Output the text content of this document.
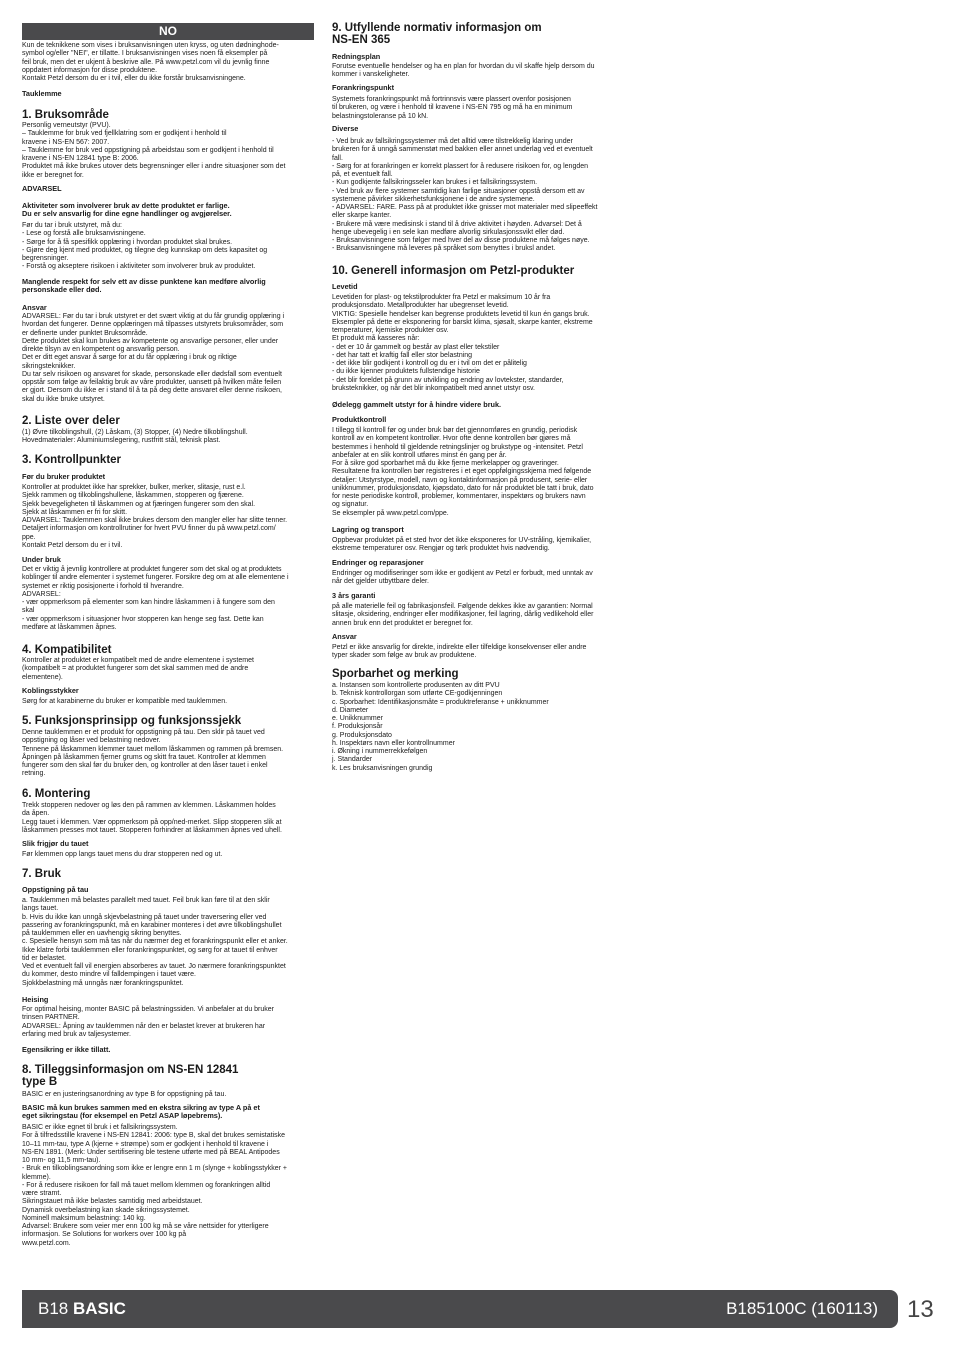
NO

Kun de teknikkene som vises i bruksanvisningen uten kryss, og uten dødninghode-
symbol og/eller "NEI", er tillatte. I bruksanvisningen vises noen få eksempler på
feil bruk, men det er ukjent å beskrive alle. På www.petzl.com vil du jevnlig finne
oppdatert informasjon for disse produktene.
Kontakt Petzl dersom du er i tvil, eller du ikke forstår bruksanvisningene.

Tauklemme

1. Bruksområde

Personlig verneutstyr (PVU).
– Tauklemme for bruk ved fjellklatring som er godkjent i henhold til
kravene i NS-EN 567: 2007.
– Tauklemme for bruk ved oppstigning på arbeidstau som er godkjent i henhold til
kravene i NS-EN 12841 type B: 2006.
Produktet må ikke brukes utover dets begrensninger eller i andre situasjoner som det
ikke er beregnet for.

ADVARSEL

Aktiviteter som involverer bruk av dette produktet er farlige.
Du er selv ansvarlig for dine egne handlinger og avgjørelser.

Før du tar i bruk utstyret, må du:
- Lese og forstå alle bruksanvisningene.
- Sørge for å få spesifikk opplæring i hvordan produktet skal brukes.
- Gjøre deg kjent med produktet, og tilegne deg kunnskap om dets kapasitet og
begrensninger.
- Forstå og akseptere risikoen i aktiviteter som involverer bruk av produktet.

Manglende respekt for selv ett av disse punktene kan medføre alvorlig
personskade eller død.

Ansvar

ADVARSEL: Før du tar i bruk utstyret er det svært viktig at du får grundig opplæring i
hvordan det fungerer. Denne opplæringen må tilpasses utstyrets bruksområder, som
er definerte under punktet Bruksområde.
Dette produktet skal kun brukes av kompetente og ansvarlige personer, eller under
direkte tilsyn av en kompetent og ansvarlig person.
Det er ditt eget ansvar å sørge for at du får opplæring i bruk og riktige
sikringsteknikker.
Du tar selv risikoen og ansvaret for skade, personskade eller dødsfall som eventuelt
oppstår som følge av feilaktig bruk av våre produkter, uansett på hvilken måte feilen
er gjort. Dersom du ikke er i stand til å ta på deg dette ansvaret eller denne risikoen,
skal du ikke bruke utstyret.

2. Liste over deler

(1) Øvre tilkoblingshull, (2) Låskam, (3) Stopper, (4) Nedre tilkoblingshull.
Hovedmaterialer: Aluminiumslegering, rustfritt stål, teknisk plast.

3. Kontrollpunkter

Før du bruker produktet

Kontroller at produktet ikke har sprekker, bulker, merker, slitasje, rust e.l.
Sjekk rammen og tilkoblingshullene, låskammen, stopperen og fjærene.
Sjekk bevegeligheten til låskammen og at fjæringen fungerer som den skal.
Sjekk at låskammen er fri for skitt.
ADVARSEL: Tauklemmen skal ikke brukes dersom den mangler eller har slitte tenner.
Detaljert informasjon om kontrollrutiner for hvert PVU finner du på www.petzl.com/
ppe.
Kontakt Petzl dersom du er i tvil.

Under bruk

Det er viktig å jevnlig kontrollere at produktet fungerer som det skal og at produktets
koblinger til andre elementer i systemet fungerer. Forsikre deg om at alle elementene i
systemet er riktig posisjonerte i forhold til hverandre.
ADVARSEL:
- vær oppmerksom på elementer som kan hindre låskammen i å fungere som den
skal
- vær oppmerksom i situasjoner hvor stopperen kan henge seg fast. Dette kan
medføre at låskammen åpnes.

4. Kompatibilitet

Kontroller at produktet er kompatibelt med de andre elementene i systemet
(kompatibelt = at produktet fungerer som det skal sammen med de andre
elementene).

Koblingsstykker

Sørg for at karabinerne du bruker er kompatible med tauklemmen.

5. Funksjonsprinsipp og funksjonssjekk

Denne tauklemmen er et produkt for oppstigning på tau. Den sklir på tauet ved
oppstigning og låser ved belastning nedover.
Tennene på låskammen klemmer tauet mellom låskammen og rammen på bremsen.
Åpningen på låskammen fjerner grums og skitt fra tauet. Kontroller at klemmen
fungerer som den skal før du bruker den, og kontroller at den låser tauet i enkel
retning.

6. Montering

Trekk stopperen nedover og løs den på rammen av klemmen. Låskammen holdes
da åpen.
Legg tauet i klemmen. Vær oppmerksom på opp/ned-merket. Slipp stopperen slik at
låskammen presses mot tauet. Stopperen forhindrer at låskammen åpnes ved uhell.

Slik frigjør du tauet

Før klemmen opp langs tauet mens du drar stopperen ned og ut.

7. Bruk

Oppstigning på tau

a. Tauklemmen må belastes parallelt med tauet. Feil bruk kan føre til at den sklir
langs tauet.
b. Hvis du ikke kan unngå skjevbelastning på tauet under traversering eller ved
passering av forankringspunkt, må en karabiner monteres i det øvre tilkoblingshullet
på tauklemmen eller en uavhengig sikring benyttes.
c. Spesielle hensyn som må tas når du nærmer deg et forankringspunkt eller et anker.
Ikke klatre forbi tauklemmen eller forankringspunktet, og sørg for at tauet til enhver
tid er belastet.
Ved et eventuelt fall vil energien absorberes av tauet. Jo nærmere forankringspunktet
du kommer, desto mindre vil falldempingen i tauet være.
Sjokkbelastning må unngås nær forankringspunktet.

Heising

For optimal heising, monter BASIC på belastningssiden. Vi anbefaler at du bruker
trinsen PARTNER.
ADVARSEL: Åpning av tauklemmen når den er belastet krever at brukeren har
erfaring med bruk av taljesystemer.

Egensikring er ikke tillatt.

8. Tilleggsinformasjon om NS-EN 12841
type B

BASIC er en justeringsanordning av type B for oppstigning på tau.

BASIC må kun brukes sammen med en ekstra sikring av type A på et
eget sikringstau (for eksempel en Petzl ASAP løpebrems).

BASIC er ikke egnet til bruk i et fallsikringssystem.
For å tilfredsstille kravene i NS-EN 12841: 2006: type B, skal det brukes semistatiske
10–11 mm-tau, type A (kjerne + strømpe) som er godkjent i henhold til kravene i
NS-EN 1891. (Merk: Under sertifisering ble testene utførte med på BEAL Antipodes
10 mm- og 11,5 mm-tau).
- Bruk en tilkoblingsanordning som ikke er lengre enn 1 m (slynge + koblingsstykker +
klemme).
- For å redusere risikoen for fall må tauet mellom klemmen og forankringen alltid
være stramt.
Sikringstauet må ikke belastes samtidig med arbeidstauet.
Dynamisk overbelastning kan skade sikringssystemet.
Nominell maksimum belastning: 140 kg.
Advarsel: Brukere som veier mer enn 100 kg må se våre nettsider for ytterligere
informasjon. Se Solutions for workers over 100 kg på
www.petzl.com.

9. Utfyllende normativ informasjon om
NS-EN 365

Redningsplan

Forutse eventuelle hendelser og ha en plan for hvordan du vil skaffe hjelp dersom du
kommer i vanskeligheter.

Forankringspunkt

Systemets forankringspunkt må fortrinnsvis være plassert ovenfor posisjonen
til brukeren, og være i henhold til kravene i NS-EN 795 og må ha en minimum
belastningstoleranse på 10 kN.

Diverse

- Ved bruk av fallsikringssystemer må det alltid være tilstrekkelig klaring under
brukeren for å unngå sammenstøt med bakken eller annet underlag ved et eventuelt
fall.
- Sørg for at forankringen er korrekt plassert for å redusere risikoen for, og lengden
på, et eventuelt fall.
- Kun godkjente fallsikringsseler kan brukes i et fallsikringssystem.
- Ved bruk av flere systemer samtidig kan farlige situasjoner oppstå dersom ett av
systemene påvirker sikkerhetsfunksjonene i de andre systemene.
- ADVARSEL: FARE. Pass på at produktet ikke gnisser mot materialer med slipeeffekt
eller skarpe kanter.
- Brukere må være medisinsk i stand til å drive aktivitet i høyden. Advarsel: Det å
henge ubevegelig i en sele kan medføre alvorlig sirkulasjonssvikt eller død.
- Bruksanvisningene som følger med hver del av disse produktene må følges nøye.
- Bruksanvisningene må leveres på språket som benyttes i bruksl andet.

10. Generell informasjon om Petzl-produkter

Levetid

Levetiden for plast- og tekstilprodukter fra Petzl er maksimum 10 år fra
produksjonsdato. Metallprodukter har ubegrenset levetid.
VIKTIG: Spesielle hendelser kan begrense produktets levetid til kun én gangs bruk.
Eksempler på dette er eksponering for barskt klima, sjøsalt, skarpe kanter, ekstreme
temperaturer, kjemiske produkter osv.
Et produkt må kasseres når:
- det er 10 år gammelt og består av plast eller tekstiler
- det har tatt et kraftig fall eller stor belastning
- det ikke blir godkjent i kontroll og du er i tvil om det er pålitelig
- du ikke kjenner produktets fullstendige historie
- det blir foreldet på grunn av utvikling og endring av lovtekster, standarder,
bruksteknikker, og når det blir inkompatibelt med annet utstyr osv.

Ødelegg gammelt utstyr for å hindre videre bruk.

Produktkontroll

I tillegg til kontroll før og under bruk bør det gjennomføres en grundig, periodisk
kontroll av en kompetent kontrollør. Hvor ofte denne kontrollen bør gjøres må
bestemmes i henhold til gjeldende retningslinjer og brukstype og -intensitet. Petzl
anbefaler at en slik kontroll utføres minst én gang per år.
For å sikre god sporbarhet må du ikke fjerne merkelapper og graveringer.
Resultatene fra kontrollen bør registreres i et eget oppfølgingsskjema med følgende
detaljer: Utstyrstype, modell, navn og kontaktinformasjon på produsent, serie- eller
unikknummer, produksjonsdato, kjøpsdato, dato for når produktet ble tatt i bruk, dato
for neste periodiske kontroll, problemer, kommentarer, inspektørs og brukers navn
og signatur.
Se eksempler på www.petzl.com/ppe.

Lagring og transport

Oppbevar produktet på et sted hvor det ikke eksponeres for UV-stråling, kjemikalier,
ekstreme temperaturer osv. Rengjør og tørk produktet hvis nødvendig.

Endringer og reparasjoner

Endringer og modifiseringer som ikke er godkjent av Petzl er forbudt, med unntak av
når det gjelder utbyttbare deler.

3 års garanti

på alle materielle feil og fabrikasjonsfeil. Følgende dekkes ikke av garantien: Normal
slitasje, oksidering, endringer eller modifikasjoner, feil lagring, dårlig vedlikehold eller
annen bruk enn det produktet er beregnet for.

Ansvar

Petzl er ikke ansvarlig for direkte, indirekte eller tilfeldige konsekvenser eller andre
typer skader som følge av bruk av produktene.

Sporbarhet og merking

a. Instansen som kontrollerte produsenten av ditt PVU
b. Teknisk kontrollorgan som utførte CE-godkjenningen
c. Sporbarhet: Identifikasjonsmåte = produktreferanse + unikknummer
d. Diameter
e. Unikknummer
f. Produksjonsår
g. Produksjonsdato
h. Inspektørs navn eller kontrollnummer
i. Økning i nummerrekkefølgen
j. Standarder
k. Les bruksanvisningen grundig

B18 BASIC	B185100C (160113) 13
